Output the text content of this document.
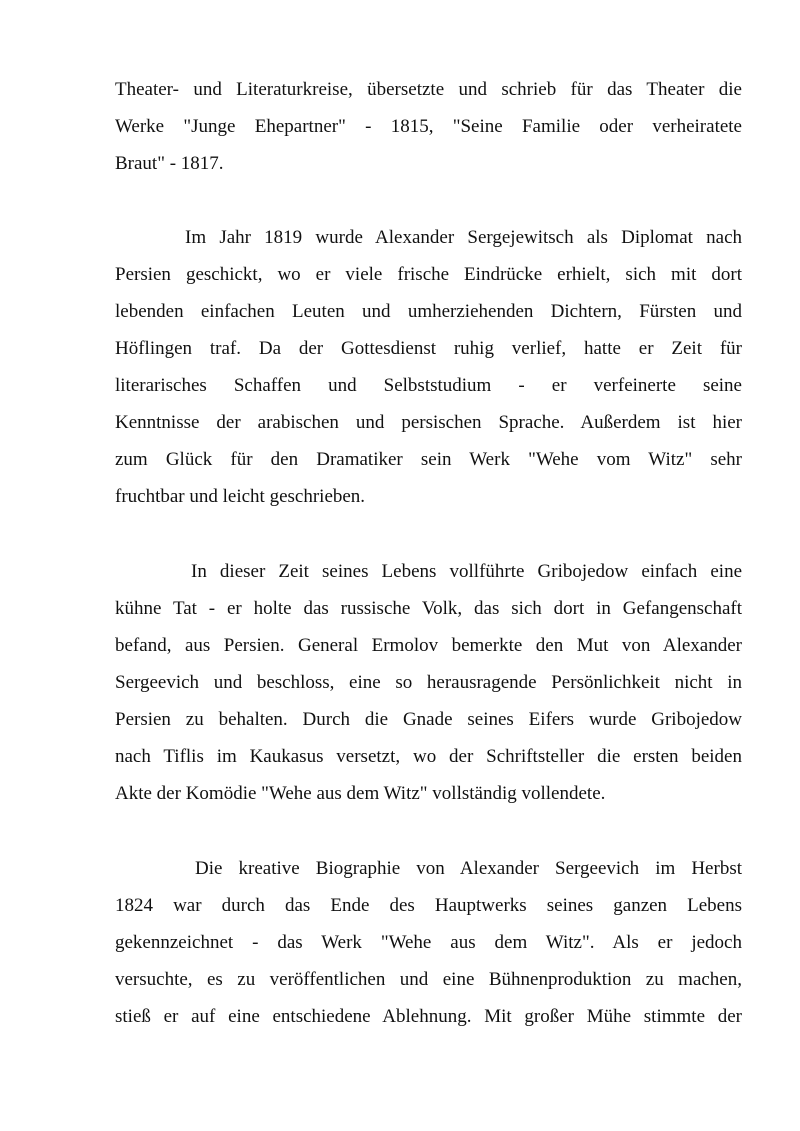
Theater- und Literaturkreise, übersetzte und schrieb für das Theater die
Werke "Junge Ehepartner" - 1815, "Seine Familie oder verheiratete
Braut" - 1817.
Im Jahr 1819 wurde Alexander Sergejewitsch als Diplomat nach
Persien geschickt, wo er viele frische Eindrücke erhielt, sich mit dort
lebenden einfachen Leuten und umherziehenden Dichtern, Fürsten und
Höflingen traf. Da der Gottesdienst ruhig verlief, hatte er Zeit für
literarisches Schaffen und Selbststudium - er verfeinerte seine
Kenntnisse der arabischen und persischen Sprache. Außerdem ist hier
zum Glück für den Dramatiker sein Werk "Wehe vom Witz" sehr
fruchtbar und leicht geschrieben.
In dieser Zeit seines Lebens vollführte Gribojedow einfach eine
kühne Tat - er holte das russische Volk, das sich dort in Gefangenschaft
befand, aus Persien. General Ermolov bemerkte den Mut von Alexander
Sergeevich und beschloss, eine so herausragende Persönlichkeit nicht in
Persien zu behalten. Durch die Gnade seines Eifers wurde Gribojedow
nach Tiflis im Kaukasus versetzt, wo der Schriftsteller die ersten beiden
Akte der Komödie "Wehe aus dem Witz" vollständig vollendete.
Die kreative Biographie von Alexander Sergeevich im Herbst
1824 war durch das Ende des Hauptwerks seines ganzen Lebens
gekennzeichnet - das Werk "Wehe aus dem Witz". Als er jedoch
versuchte, es zu veröffentlichen und eine Bühnenproduktion zu machen,
stieß er auf eine entschiedene Ablehnung. Mit großer Mühe stimmte der
